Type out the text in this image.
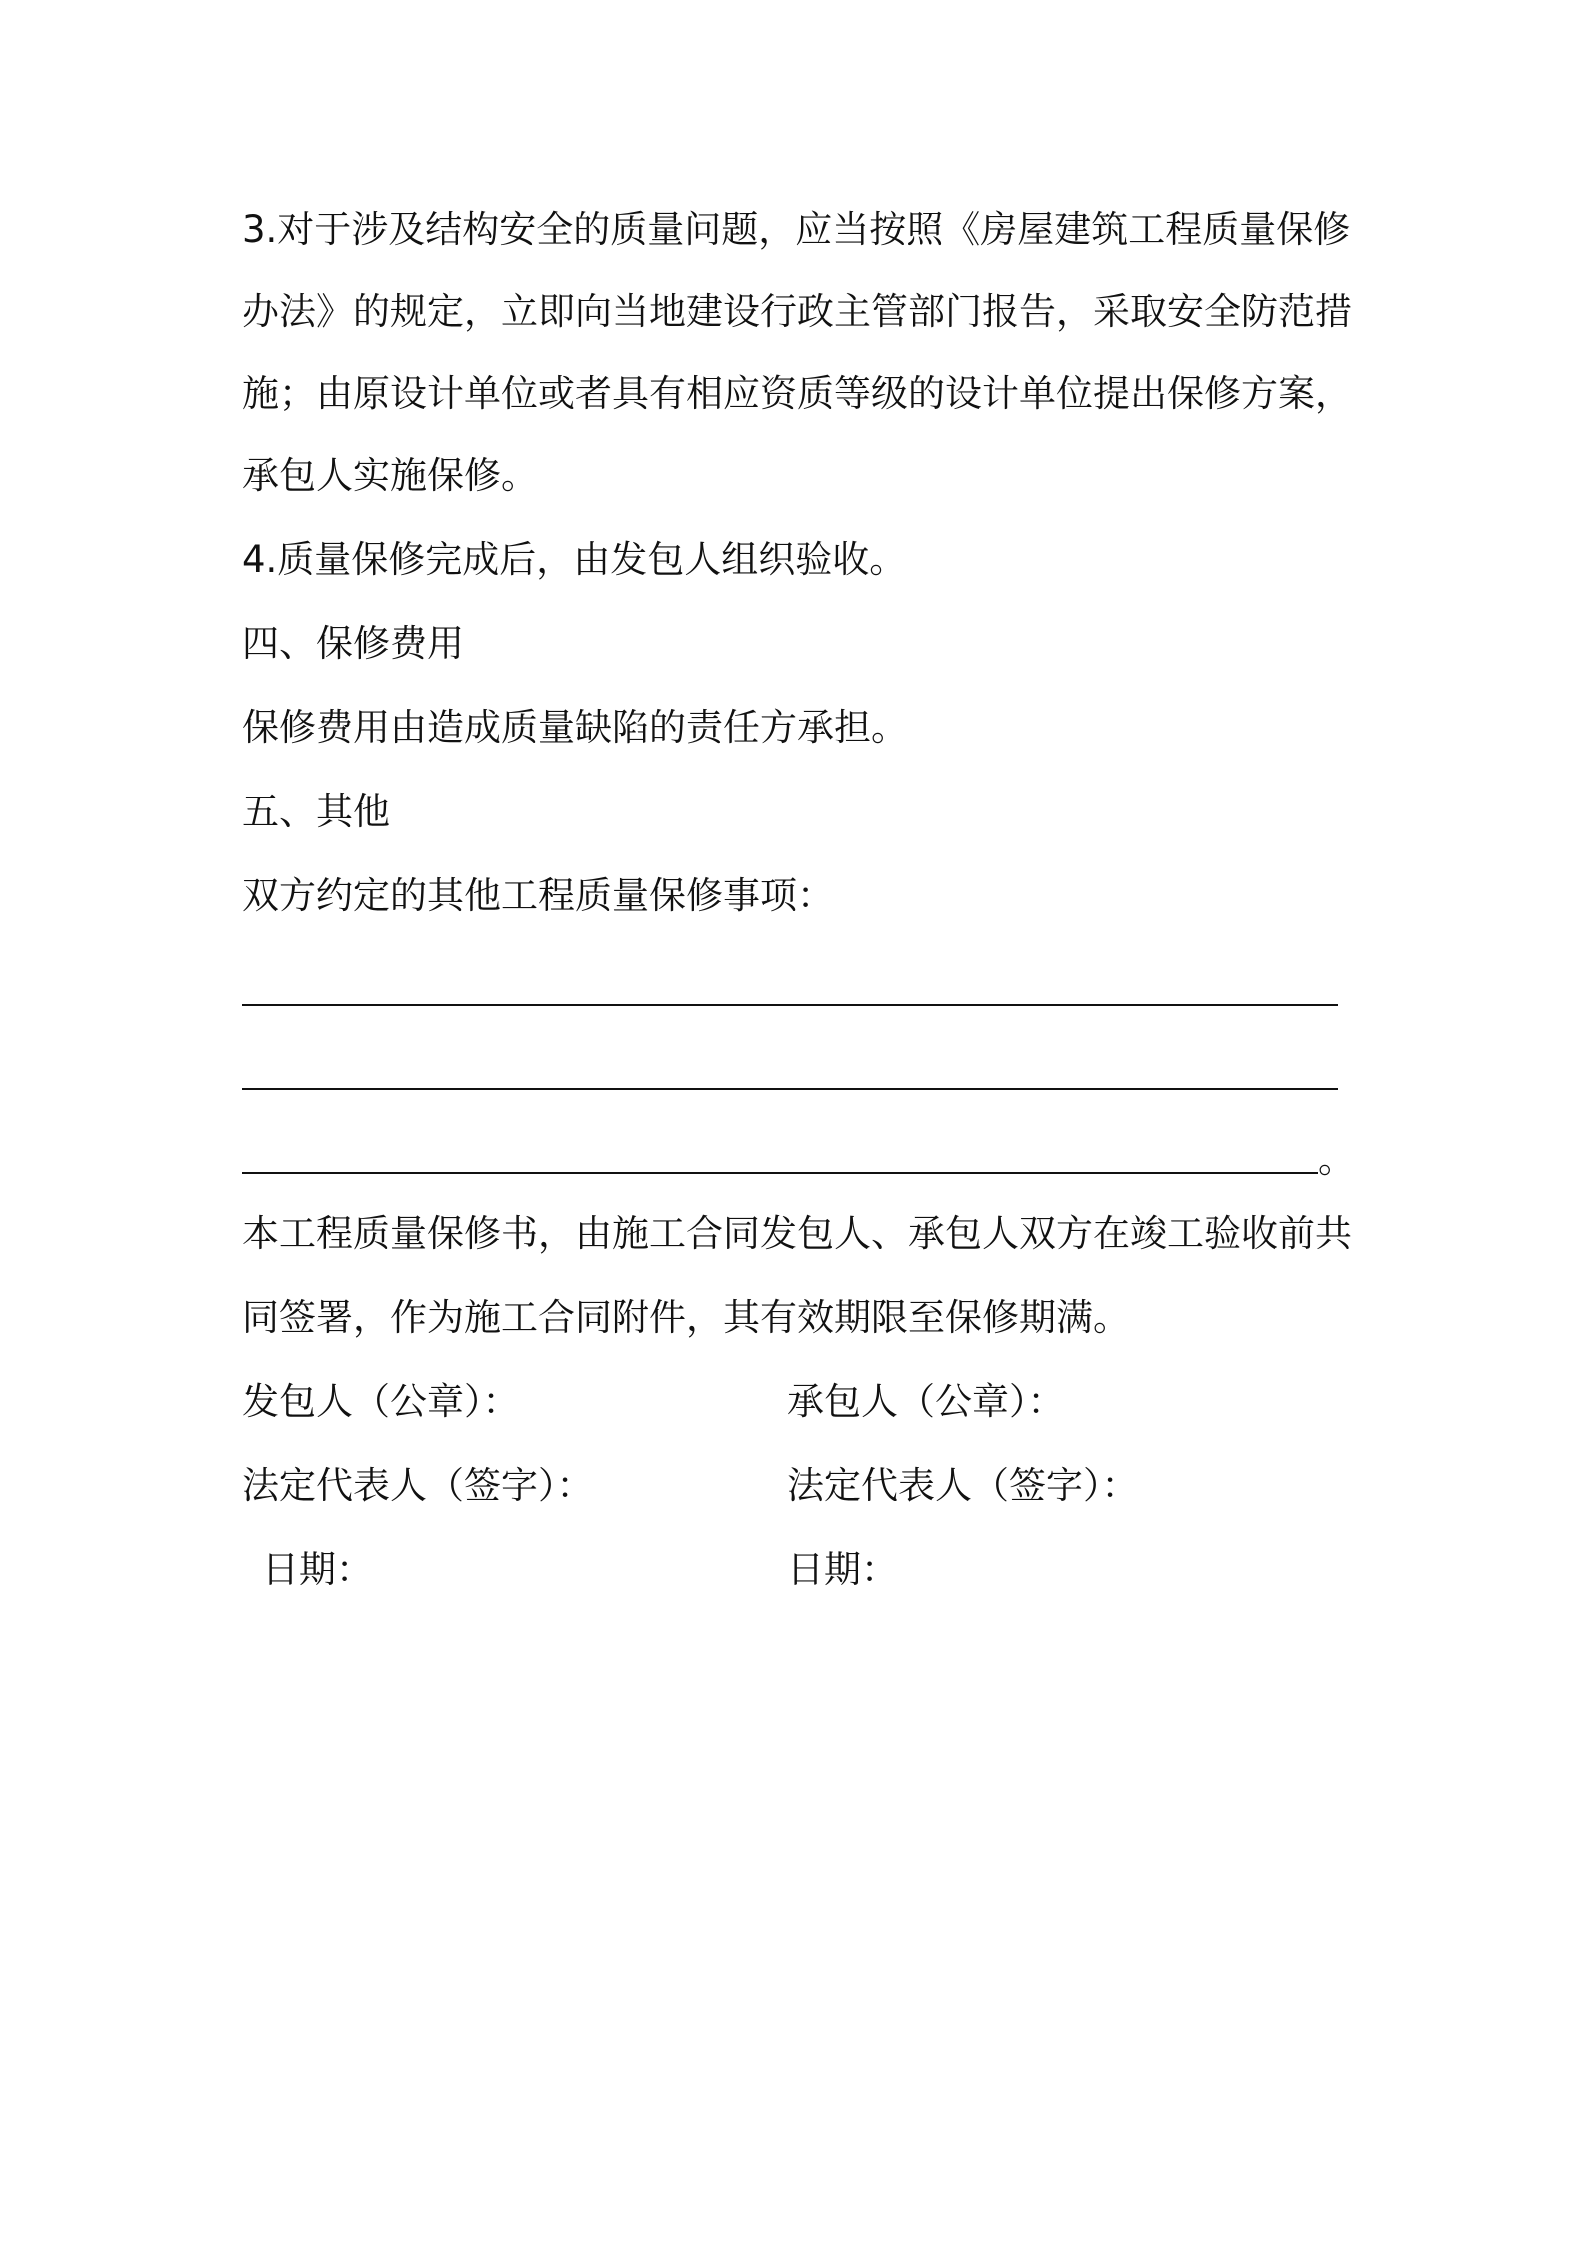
3.对于涉及结构安全的质量问题，应当按照《房屋建筑工程质量保修
办法》的规定，立即向当地建设行政主管部门报告，采取安全防范措
施；由原设计单位或者具有相应资质等级的设计单位提出保修方案，
承包人实施保修。
4.质量保修完成后，由发包人组织验收。
四、保修费用
保修费用由造成质量缺陷的责任方承担。
五、其他
双方约定的其他工程质量保修事项：
。
本工程质量保修书，由施工合同发包人、承包人双方在竣工验收前共
同签署，作为施工合同附件，其有效期限至保修期满。
发包人（公章）：	承包人（公章）：
法定代表人（签字）：	法定代表人（签字）：
日期：	日期：
